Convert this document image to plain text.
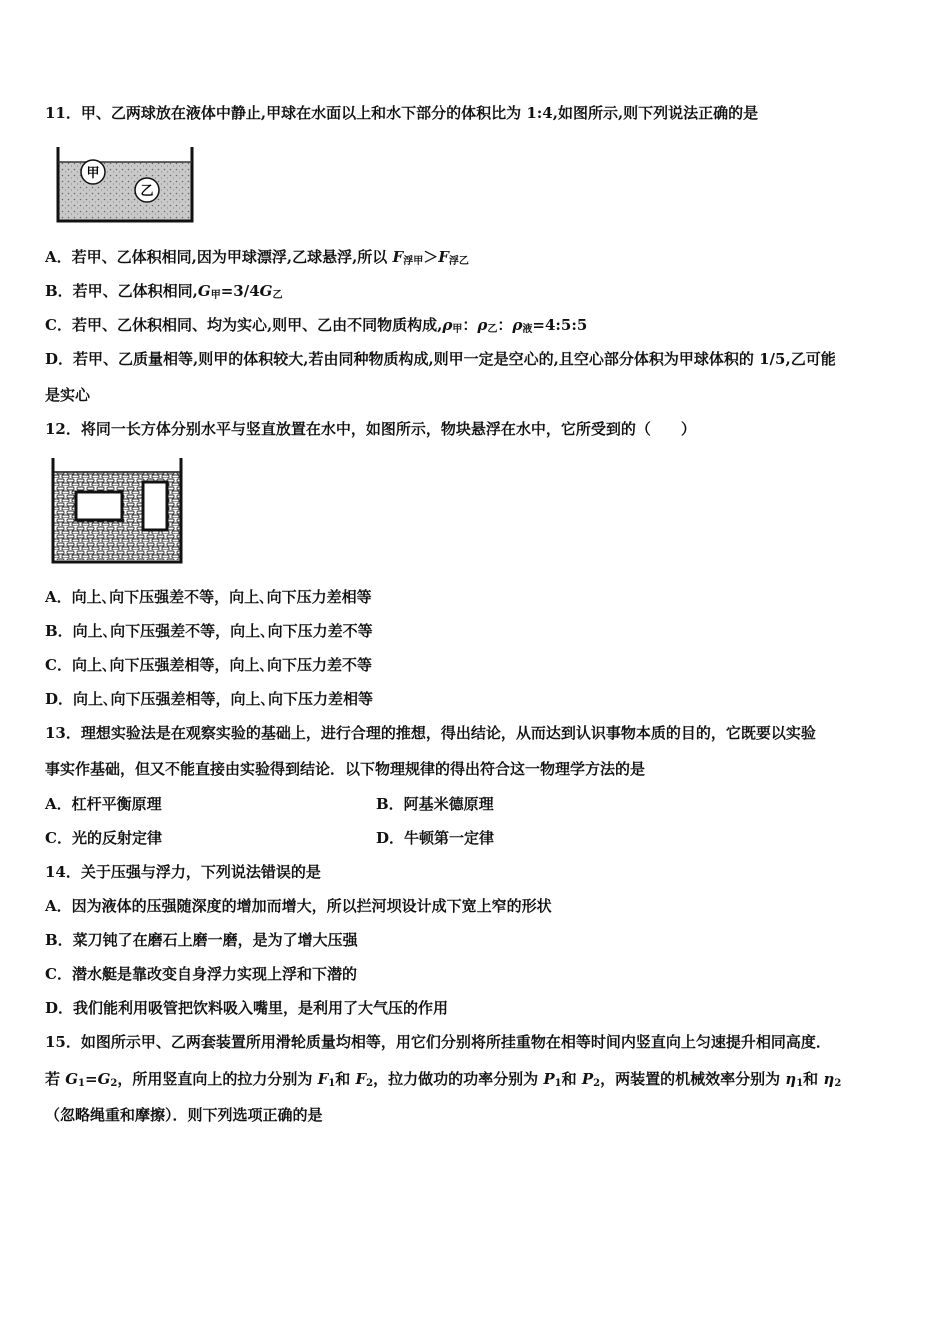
11．甲、乙两球放在液体中静止,甲球在水面以上和水下部分的体积比为 1:4,如图所示,则下列说法正确的是
甲
乙
A．若甲、乙体积相同,因为甲球漂浮,乙球悬浮,所以 $F_{浮甲}>F_{浮乙}$
B．若甲、乙体积相同$,G_甲=3/4G_乙$
C．若甲、乙休积相同、均为实心,则甲、乙由不同物质构成$,\rho_甲$：$\rho_乙$：$\rho_液=4:5:5$
D．若甲、乙质量相等,则甲的体积较大,若由同种物质构成,则甲一定是空心的,且空心部分体积为甲球体积的 1/5,乙可能
是实心
12．将同一长方体分别水平与竖直放置在水中，如图所示，物块悬浮在水中，它所受到的（　　）
A．向上､向下压强差不等，向上､向下压力差相等
B．向上､向下压强差不等，向上､向下压力差不等
C．向上､向下压强差相等，向上､向下压力差不等
D．向上､向下压强差相等，向上､向下压力差相等
13．理想实验法是在观察实验的基础上，进行合理的推想，得出结论，从而达到认识事物本质的目的，它既要以实验
事实作基础，但又不能直接由实验得到结论．以下物理规律的得出符合这一物理学方法的是
A．杠杆平衡原理	B．阿基米德原理
C．光的反射定律	D．牛顿第一定律
14．关于压强与浮力，下列说法错误的是
A．因为液体的压强随深度的增加而增大，所以拦河坝设计成下宽上窄的形状
B．菜刀钝了在磨石上磨一磨，是为了增大压强
C．潜水艇是靠改变自身浮力实现上浮和下潜的
D．我们能利用吸管把饮料吸入嘴里，是利用了大气压的作用
15．如图所示甲、乙两套装置所用滑轮质量均相等，用它们分别将所挂重物在相等时间内竖直向上匀速提升相同高度．
若 $G_1=G_2$，所用竖直向上的拉力分别为 $F_1$和 $F_2$，拉力做功的功率分别为 $P_1$和 $P_2$，两装置的机械效率分别为 $\eta_1$和 $\eta_2$
（忽略绳重和摩擦）．则下列选项正确的是
